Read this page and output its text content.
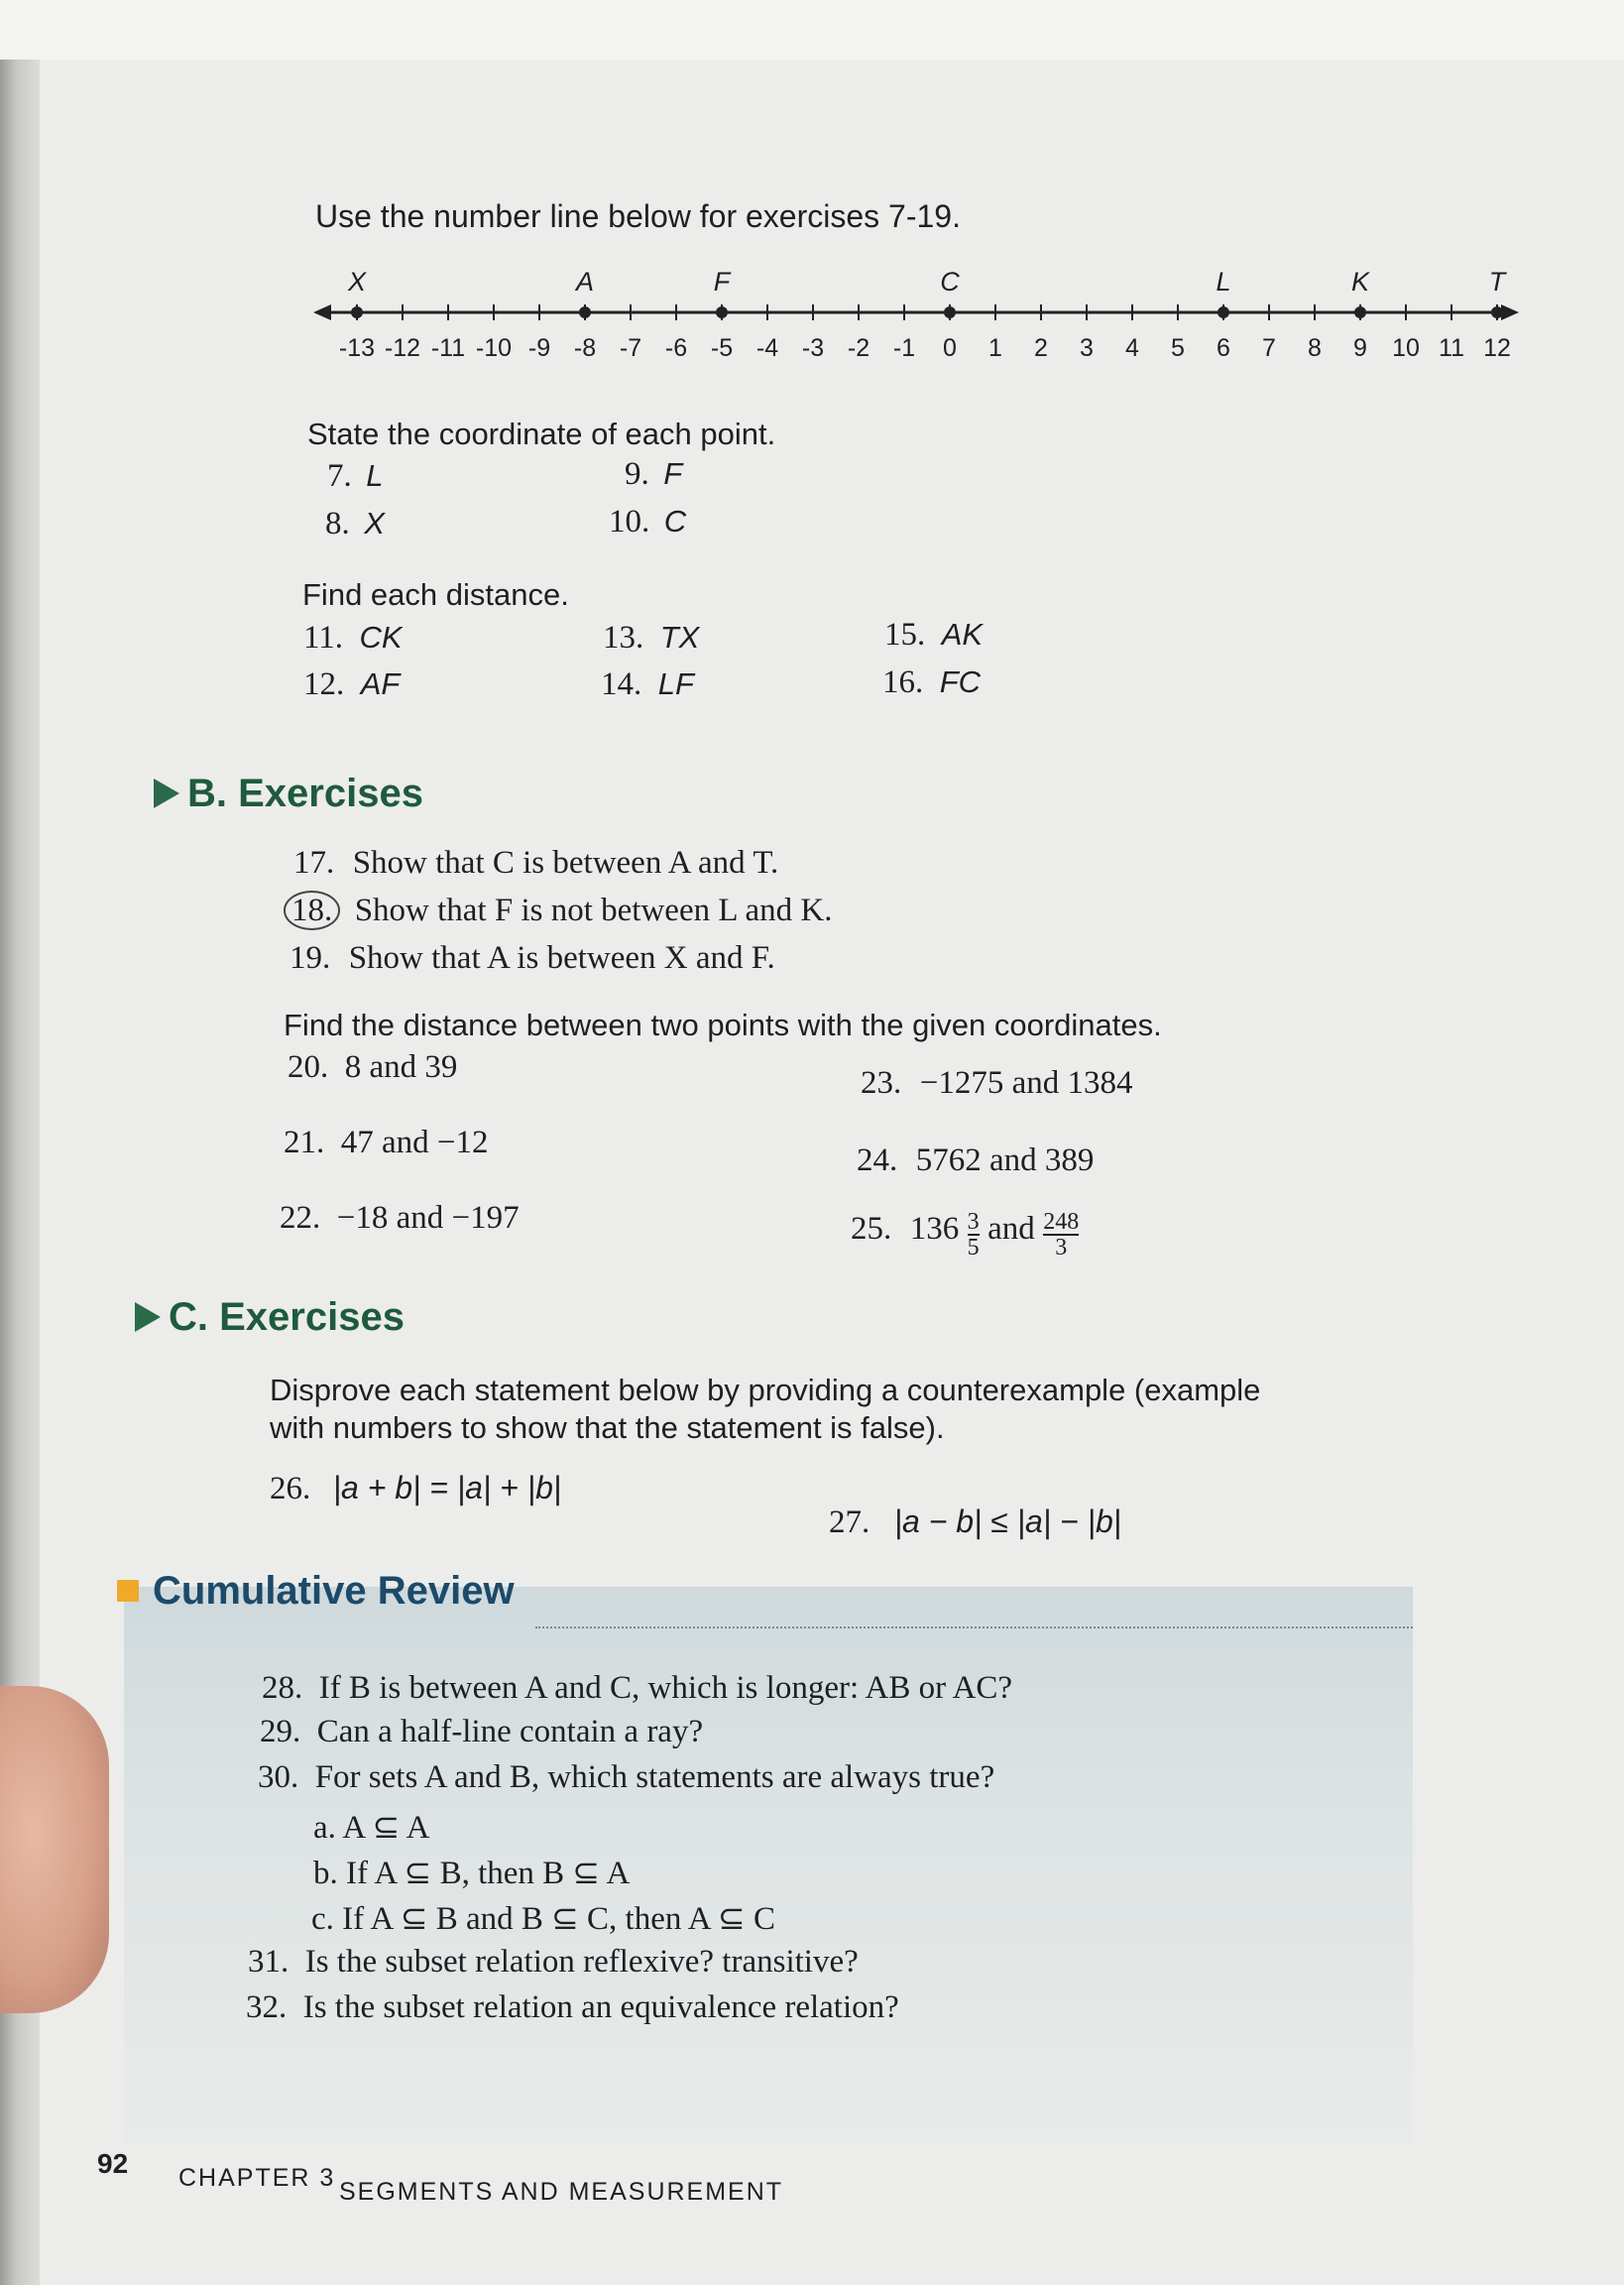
Use the number line below for exercises 7-19.
-13 -12 -11 -10 -9 -8 -7 -6 -5 -4 -3 -2 -1 0 1 2 3 4 5 6 7 8 9 10 11 12
X	A	F	C	L	K	T
State the coordinate of each point.
7. L	9. F
8. X	10. C
Find each distance.
11. CK	13. TX	15. AK
12. AF	14. LF	16. FC
B. Exercises
17. Show that C is between A and T.
18. Show that F is not between L and K.
19. Show that A is between X and F.
Find the distance between two points with the given coordinates.
20. 8 and 39	23. −1275 and 1384
21. 47 and −12	24. 5762 and 389
22. −18 and −197	25. $136 \frac{3}{5}$ and $\frac{248}{3}$
C. Exercises
Disprove each statement below by providing a counterexample (example
with numbers to show that the statement is false).
26. |a + b| = |a| + |b|
27. |a − b| ≤ |a| − |b|
Cumulative Review
28. If B is between A and C, which is longer: AB or AC?
29. Can a half-line contain a ray?
30. For sets A and B, which statements are always true?
a. A ⊆ A
b. If A ⊆ B, then B ⊆ A
c. If A ⊆ B and B ⊆ C, then A ⊆ C
31. Is the subset relation reflexive? transitive?
32. Is the subset relation an equivalence relation?
92 CHAPTER 3 SEGMENTS AND MEASUREMENT
